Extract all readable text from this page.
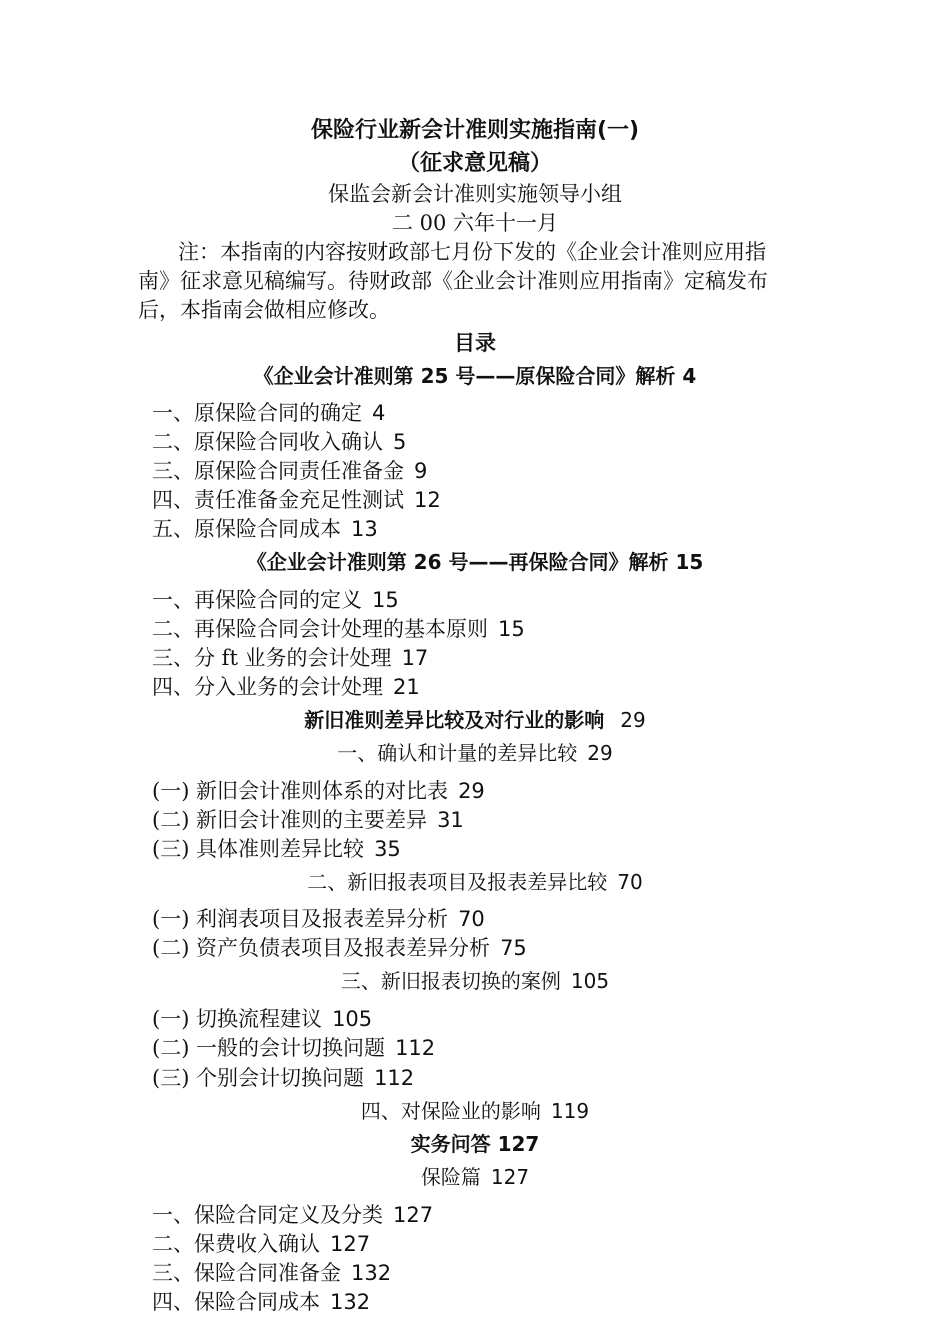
保险行业新会计准则实施指南(一)
（征求意见稿）
保监会新会计准则实施领导小组
二 00 六年十一月
注：本指南的内容按财政部七月份下发的《企业会计准则应用指
南》征求意见稿编写。待财政部《企业会计准则应用指南》定稿发布
后，本指南会做相应修改。
目录
《企业会计准则第 25 号——原保险合同》解析 4
一、原保险合同的确定 4
二、原保险合同收入确认 5
三、原保险合同责任准备金 9
四、责任准备金充足性测试 12
五、原保险合同成本 13
《企业会计准则第 26 号——再保险合同》解析 15
一、再保险合同的定义 15
二、再保险合同会计处理的基本原则 15
三、分 ft 业务的会计处理 17
四、分入业务的会计处理 21
新旧准则差异比较及对行业的影响 29
一、确认和计量的差异比较 29
(一) 新旧会计准则体系的对比表 29
(二) 新旧会计准则的主要差异 31
(三) 具体准则差异比较 35
二、新旧报表项目及报表差异比较 70
(一) 利润表项目及报表差异分析 70
(二) 资产负债表项目及报表差异分析 75
三、新旧报表切换的案例 105
(一) 切换流程建议 105
(二) 一般的会计切换问题 112
(三) 个别会计切换问题 112
四、对保险业的影响 119
实务问答 127
保险篇 127
一、保险合同定义及分类 127
二、保费收入确认 127
三、保险合同准备金 132
四、保险合同成本 132
